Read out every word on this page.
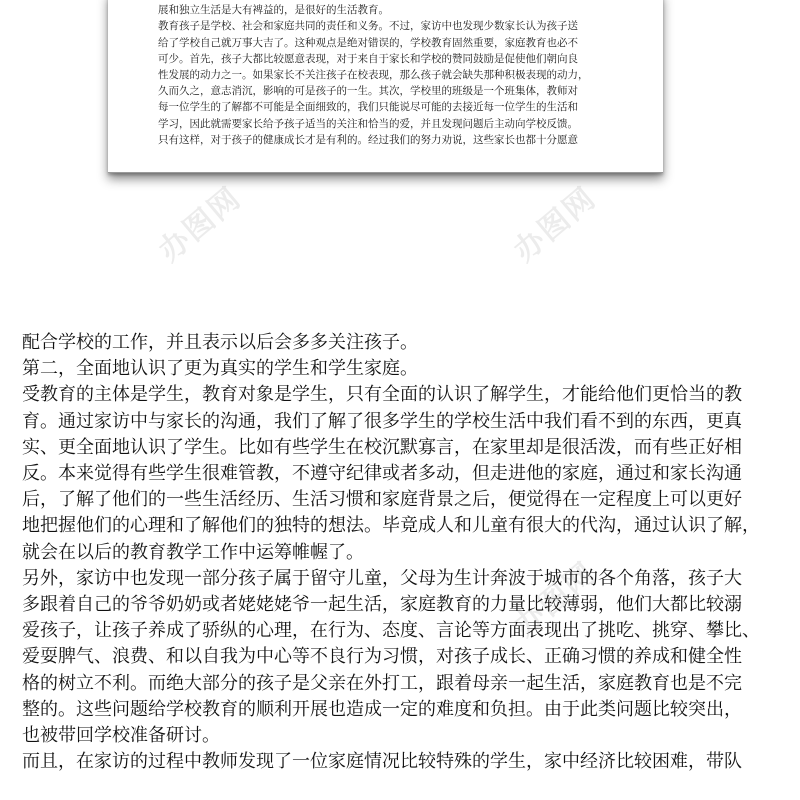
展和独立生活是大有裨益的，是很好的生活教育。

教育孩子是学校、社会和家庭共同的责任和义务。不过，家访中也发现少数家长认为孩子送

给了学校自己就万事大吉了。这种观点是绝对错误的，学校教育固然重要，家庭教育也必不

可少。首先，孩子大都比较愿意表现，对于来自于家长和学校的赞同鼓励是促使他们朝向良

性发展的动力之一。如果家长不关注孩子在校表现，那么孩子就会缺失那种积极表现的动力，

久而久之，意志消沉，影响的可是孩子的一生。其次，学校里的班级是一个班集体，教师对

每一位学生的了解都不可能是全面细致的，我们只能说尽可能的去接近每一位学生的生活和

学习，因此就需要家长给予孩子适当的关注和恰当的爱，并且发现问题后主动向学校反馈。

只有这样，对于孩子的健康成长才是有利的。经过我们的努力劝说，这些家长也都十分愿意

办图网	办图网
办图网

配合学校的工作，并且表示以后会多多关注孩子。

第二，全面地认识了更为真实的学生和学生家庭。

受教育的主体是学生，教育对象是学生，只有全面的认识了解学生，才能给他们更恰当的教

育。通过家访中与家长的沟通，我们了解了很多学生的学校生活中我们看不到的东西，更真

实、更全面地认识了学生。比如有些学生在校沉默寡言，在家里却是很活泼，而有些正好相

反。本来觉得有些学生很难管教，不遵守纪律或者多动，但走进他的家庭，通过和家长沟通

后，了解了他们的一些生活经历、生活习惯和家庭背景之后，便觉得在一定程度上可以更好

地把握他们的心理和了解他们的独特的想法。毕竟成人和儿童有很大的代沟，通过认识了解，

就会在以后的教育教学工作中运筹帷幄了。

另外，家访中也发现一部分孩子属于留守儿童，父母为生计奔波于城市的各个角落，孩子大

多跟着自己的爷爷奶奶或者姥姥姥爷一起生活，家庭教育的力量比较薄弱，他们大都比较溺

爱孩子，让孩子养成了骄纵的心理，在行为、态度、言论等方面表现出了挑吃、挑穿、攀比、

爱耍脾气、浪费、和以自我为中心等不良行为习惯，对孩子成长、正确习惯的养成和健全性

格的树立不利。而绝大部分的孩子是父亲在外打工，跟着母亲一起生活，家庭教育也是不完

整的。这些问题给学校教育的顺利开展也造成一定的难度和负担。由于此类问题比较突出，

也被带回学校准备研讨。

而且，在家访的过程中教师发现了一位家庭情况比较特殊的学生，家中经济比较困难，带队
